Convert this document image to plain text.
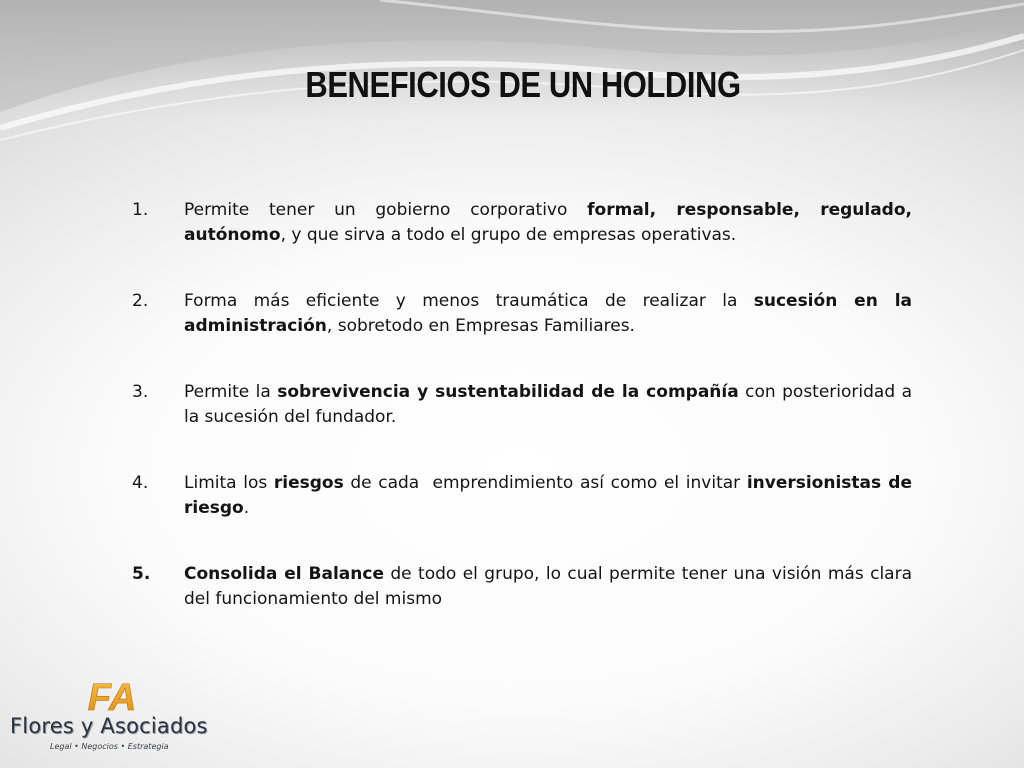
BENEFICIOS DE UN HOLDING
1. Permite tener un gobierno corporativo formal, responsable, regulado, autónomo, y que sirva a todo el grupo de empresas operativas.
2. Forma más eficiente y menos traumática de realizar la sucesión en la administración, sobretodo en Empresas Familiares.
3. Permite la sobrevivencia y sustentabilidad de la compañía con posterioridad a la sucesión del fundador.
4. Limita los riesgos de cada  emprendimiento así como el invitar inversionistas de riesgo.
5. Consolida el Balance de todo el grupo, lo cual permite tener una visión más clara del funcionamiento del mismo
FA
Flores y Asociados
Legal • Negocios • Estrategia
